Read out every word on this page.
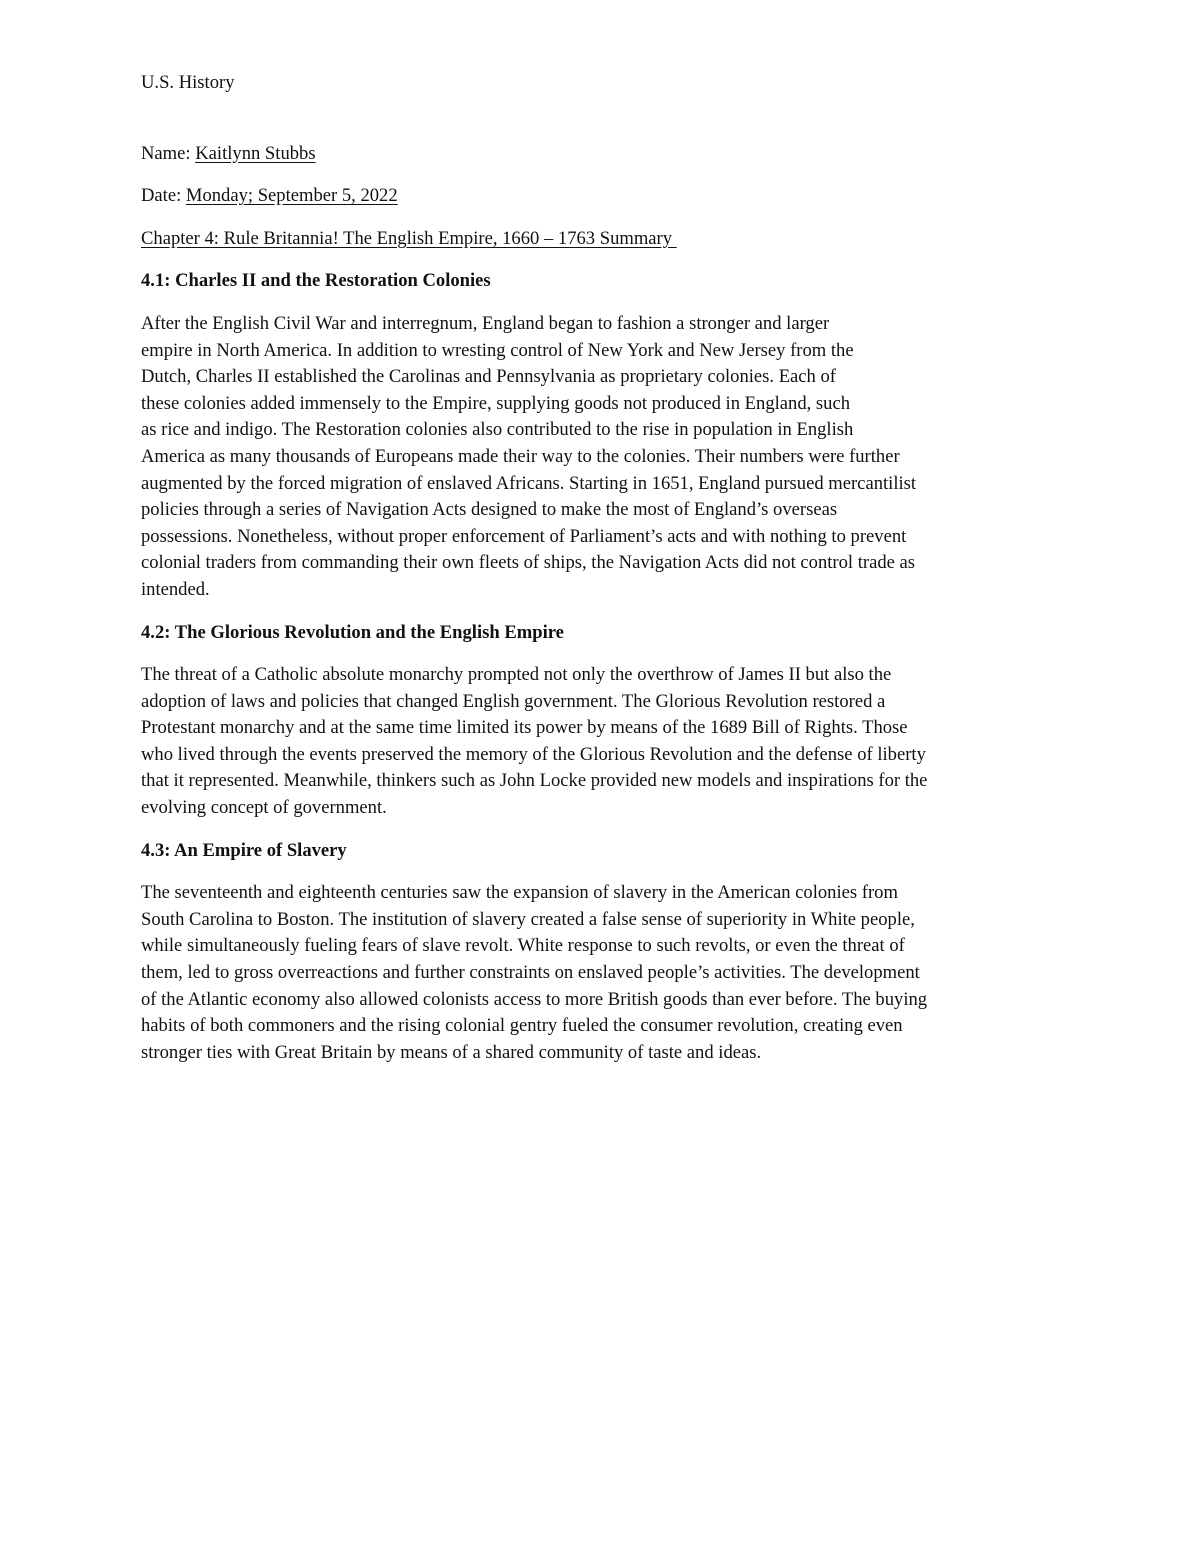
U.S. History

Name: Kaitlynn Stubbs

Date: Monday; September 5, 2022

Chapter 4: Rule Britannia! The English Empire, 1660 – 1763 Summary

4.1: Charles II and the Restoration Colonies

After the English Civil War and interregnum, England began to fashion a stronger and larger
empire in North America. In addition to wresting control of New York and New Jersey from the
Dutch, Charles II established the Carolinas and Pennsylvania as proprietary colonies. Each of
these colonies added immensely to the Empire, supplying goods not produced in England, such
as rice and indigo. The Restoration colonies also contributed to the rise in population in English
America as many thousands of Europeans made their way to the colonies. Their numbers were further
augmented by the forced migration of enslaved Africans. Starting in 1651, England pursued mercantilist
policies through a series of Navigation Acts designed to make the most of England’s overseas
possessions. Nonetheless, without proper enforcement of Parliament’s acts and with nothing to prevent
colonial traders from commanding their own fleets of ships, the Navigation Acts did not control trade as
intended.

4.2: The Glorious Revolution and the English Empire

The threat of a Catholic absolute monarchy prompted not only the overthrow of James II but also the
adoption of laws and policies that changed English government. The Glorious Revolution restored a
Protestant monarchy and at the same time limited its power by means of the 1689 Bill of Rights. Those
who lived through the events preserved the memory of the Glorious Revolution and the defense of liberty
that it represented. Meanwhile, thinkers such as John Locke provided new models and inspirations for the
evolving concept of government.

4.3: An Empire of Slavery

The seventeenth and eighteenth centuries saw the expansion of slavery in the American colonies from
South Carolina to Boston. The institution of slavery created a false sense of superiority in White people,
while simultaneously fueling fears of slave revolt. White response to such revolts, or even the threat of
them, led to gross overreactions and further constraints on enslaved people’s activities. The development
of the Atlantic economy also allowed colonists access to more British goods than ever before. The buying
habits of both commoners and the rising colonial gentry fueled the consumer revolution, creating even
stronger ties with Great Britain by means of a shared community of taste and ideas.
